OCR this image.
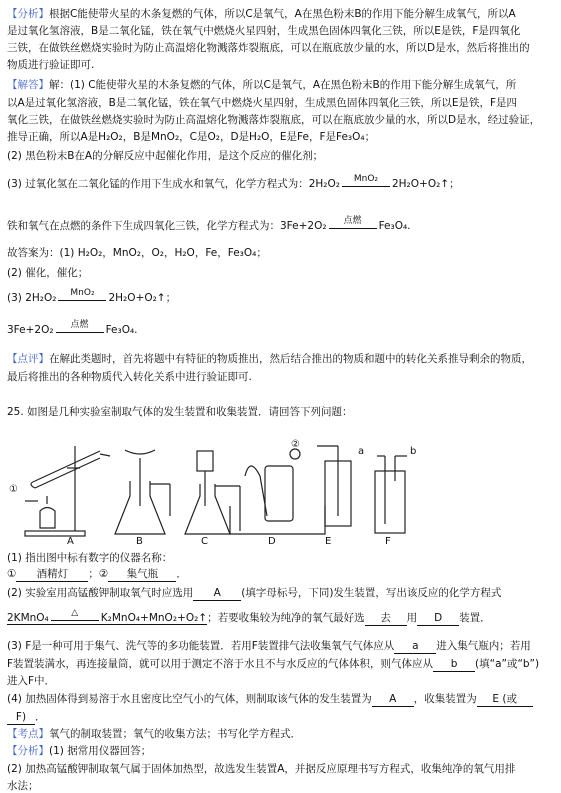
【分析】根据C能使带火星的木条复燃的气体，所以C是氧气，A在黑色粉末B的作用下能分解生成氧气，所以A
是过氧化氢溶液，B是二氧化锰，铁在氧气中燃烧火星四射，生成黑色固体四氧化三铁，所以E是铁，F是四氧化
三铁，在做铁丝燃烧实验时为防止高温熔化物溅落炸裂瓶底，可以在瓶底放少量的水，所以D是水，然后将推出的
物质进行验证即可.
【解答】解：(1) C能使带火星的木条复燃的气体，所以C是氧气，A在黑色粉末B的作用下能分解生成氧气，所
以A是过氧化氢溶液，B是二氧化锰，铁在氧气中燃烧火星四射，生成黑色固体四氧化三铁，所以E是铁，F是四
氧化三铁，在做铁丝燃烧实验时为防止高温熔化物溅落炸裂瓶底，可以在瓶底放少量的水，所以D是水，经过验证，
推导正确，所以A是H₂O₂，B是MnO₂，C是O₂，D是H₂O，E是Fe，F是Fe₃O₄；
(2) 黑色粉末B在A的分解反应中起催化作用，是这个反应的催化剂；
(3) 过氧化氢在二氧化锰的作用下生成水和氧气，化学方程式为：2H₂O₂	MnO₂	2H₂O+O₂↑；
铁和氧气在点燃的条件下生成四氧化三铁，化学方程式为：3Fe+2O₂	点燃	Fe₃O₄.
故答案为：(1) H₂O₂，MnO₂，O₂，H₂O，Fe，Fe₃O₄；
(2) 催化，催化；
(3) 2H₂O₂	MnO₂	2H₂O+O₂↑；
3Fe+2O₂	点燃	Fe₃O₄.
【点评】在解此类题时，首先将题中有特征的物质推出，然后结合推出的物质和题中的转化关系推导剩余的物质，
最后将推出的各种物质代入转化关系中进行验证即可.
25. 如图是几种实验室制取气体的发生装置和收集装置．请回答下列问题：
①
②
a	b
A	B	C	D	E	F
(1) 指出图中标有数字的仪器名称：
① 酒精灯 ；② 集气瓶 ．
(2) 实验室用高锰酸钾制取氧气时应选用 A (填字母标号，下同)发生装置，写出该反应的化学方程式
2KMnO₄	△	K₂MnO₄+MnO₂+O₂↑；若要收集较为纯净的氧气最好选 去 用 D 装置．
(3) F是一种可用于集气、洗气等的多功能装置．若用F装置排气法收集氧气气体应从 a 进入集气瓶内；若用
F装置装满水，再连接量筒，就可以用于测定不溶于水且不与水反应的气体体积，则气体应从 b (填“a”或“b”)
进入F中．
(4) 加热固体得到易溶于水且密度比空气小的气体，则制取该气体的发生装置为 A ，收集装置为 E (或
F) ．
【考点】氧气的制取装置；氧气的收集方法；书写化学方程式．
【分析】(1) 据常用仪器回答；
(2) 加热高锰酸钾制取氧气属于固体加热型，故选发生装置A，并据反应原理书写方程式，收集纯净的氧气用排
水法；
